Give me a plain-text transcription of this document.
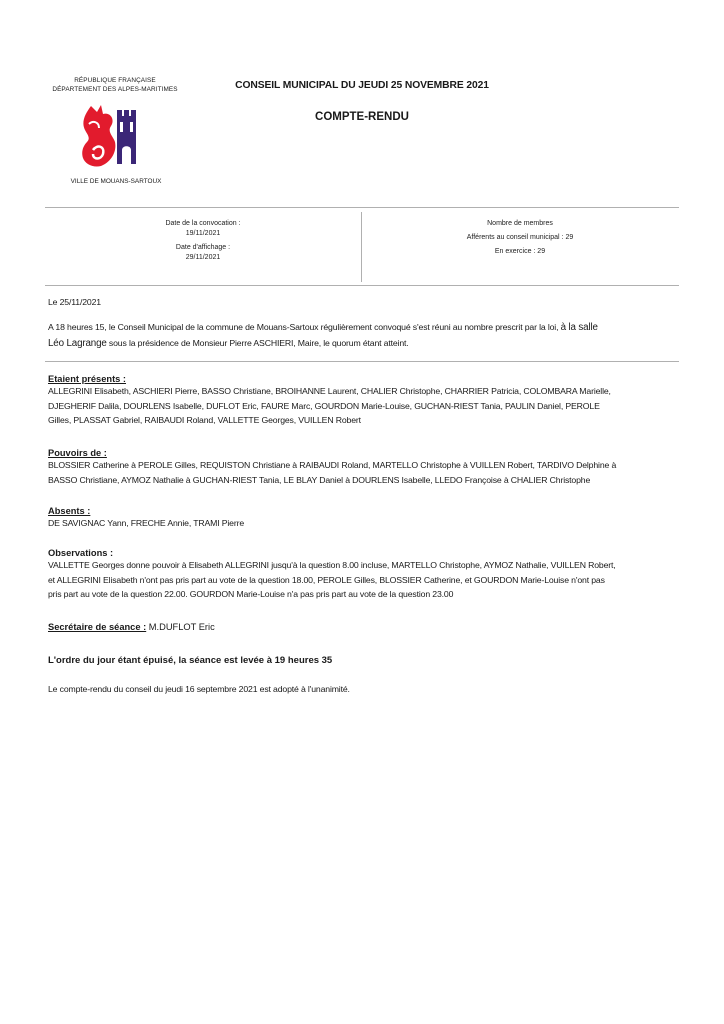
RÉPUBLIQUE FRANÇAISE
DÉPARTEMENT DES ALPES-MARITIMES
VILLE DE MOUANS-SARTOUX
CONSEIL MUNICIPAL DU JEUDI 25 NOVEMBRE 2021
COMPTE-RENDU
Date de la convocation :
19/11/2021
Date d'affichage :
29/11/2021
Nombre de membres
Afférents au conseil municipal : 29
En exercice : 29
Le 25/11/2021
A 18 heures 15, le Conseil Municipal de la commune de Mouans-Sartoux régulièrement convoqué s'est réuni au nombre prescrit par la loi, à la salle
Léo Lagrange sous la présidence de Monsieur Pierre ASCHIERI, Maire, le quorum étant atteint.
Etaient présents :
ALLEGRINI Elisabeth, ASCHIERI Pierre, BASSO Christiane, BROIHANNE Laurent, CHALIER Christophe, CHARRIER Patricia, COLOMBARA Marielle,
DJEGHERIF Dalila, DOURLENS Isabelle, DUFLOT Eric, FAURE Marc, GOURDON Marie-Louise, GUCHAN-RIEST Tania, PAULIN Daniel, PEROLE
Gilles, PLASSAT Gabriel, RAIBAUDI Roland, VALLETTE Georges, VUILLEN Robert
Pouvoirs de :
BLOSSIER Catherine à PEROLE Gilles, REQUISTON Christiane à RAIBAUDI Roland, MARTELLO Christophe à VUILLEN Robert, TARDIVO Delphine à
BASSO Christiane, AYMOZ Nathalie à GUCHAN-RIEST Tania, LE BLAY Daniel à DOURLENS Isabelle, LLEDO Françoise à CHALIER Christophe
Absents :
DE SAVIGNAC Yann, FRECHE Annie, TRAMI Pierre
Observations :
VALLETTE Georges donne pouvoir à Elisabeth ALLEGRINI jusqu'à la question 8.00 incluse, MARTELLO Christophe, AYMOZ Nathalie, VUILLEN Robert,
et ALLEGRINI Elisabeth n'ont pas pris part au vote de la question 18.00, PEROLE Gilles, BLOSSIER Catherine, et GOURDON Marie-Louise n'ont pas
pris part au vote de la question 22.00. GOURDON Marie-Louise n'a pas pris part au vote de la question 23.00
Secrétaire de séance : M.DUFLOT Eric
L'ordre du jour étant épuisé, la séance est levée à 19 heures 35
Le compte-rendu du conseil du jeudi 16 septembre 2021 est adopté à l'unanimité.
